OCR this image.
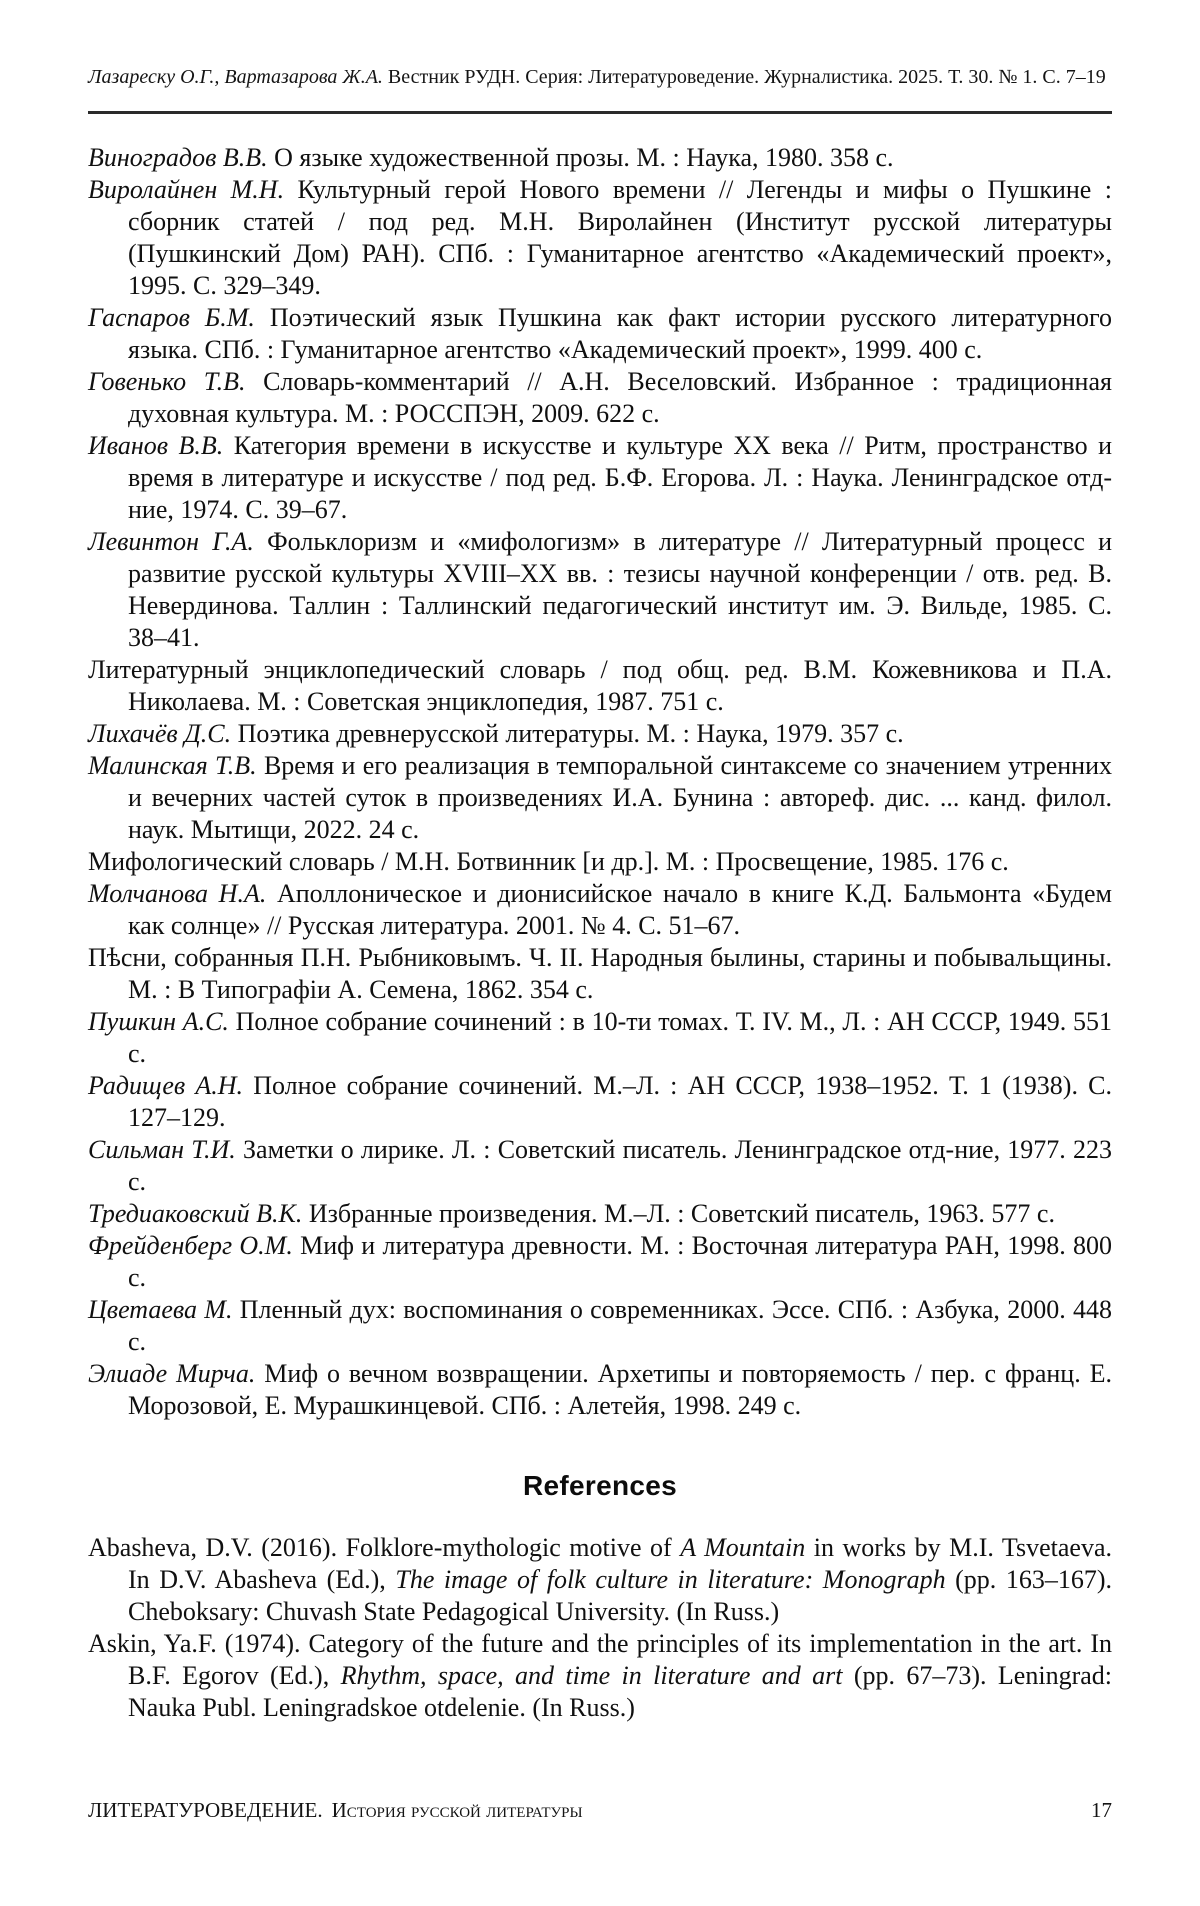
Лазареску О.Г., Вартазарова Ж.А. Вестник РУДН. Серия: Литературоведение. Журналистика. 2025. Т. 30. № 1. С. 7–19

Виноградов В.В. О языке художественной прозы. М. : Наука, 1980. 358 с.

Виролайнен М.Н. Культурный герой Нового времени // Легенды и мифы о Пушкине : сборник статей / под ред. М.Н. Виролайнен (Институт русской литературы (Пушкинский Дом) РАН). СПб. : Гуманитарное агентство «Академический проект», 1995. С. 329–349.

Гаспаров Б.М. Поэтический язык Пушкина как факт истории русского литературного языка. СПб. : Гуманитарное агентство «Академический проект», 1999. 400 с.

Говенько Т.В. Словарь-комментарий // А.Н. Веселовский. Избранное : традиционная духовная культура. М. : РОССПЭН, 2009. 622 с.

Иванов В.В. Категория времени в искусстве и культуре XX века // Ритм, пространство и время в литературе и искусстве / под ред. Б.Ф. Егорова. Л. : Наука. Ленинградское отд-ние, 1974. С. 39–67.

Левинтон Г.А. Фольклоризм и «мифологизм» в литературе // Литературный процесс и развитие русской культуры XVIII–XX вв. : тезисы научной конференции / отв. ред. В. Невердинова. Таллин : Таллинский педагогический институт им. Э. Вильде, 1985. С. 38–41.

Литературный энциклопедический словарь / под общ. ред. В.М. Кожевникова и П.А. Николаева. М. : Советская энциклопедия, 1987. 751 с.

Лихачёв Д.С. Поэтика древнерусской литературы. М. : Наука, 1979. 357 с.

Малинская Т.В. Время и его реализация в темпоральной синтаксеме со значением утренних и вечерних частей суток в произведениях И.А. Бунина : автореф. дис. ... канд. филол. наук. Мытищи, 2022. 24 с.

Мифологический словарь / М.Н. Ботвинник [и др.]. М. : Просвещение, 1985. 176 с.

Молчанова Н.А. Аполлоническое и дионисийское начало в книге К.Д. Бальмонта «Будем как солнце» // Русская литература. 2001. № 4. С. 51–67.

Пѣсни, собранныя П.Н. Рыбниковымъ. Ч. II. Народныя былины, старины и побывальщины. М. : В Типографіи А. Семена, 1862. 354 с.

Пушкин А.С. Полное собрание сочинений : в 10-ти томах. Т. IV. М., Л. : АН СССР, 1949. 551 с.

Радищев А.Н. Полное собрание сочинений. М.–Л. : АН СССР, 1938–1952. Т. 1 (1938). С. 127–129.

Сильман Т.И. Заметки о лирике. Л. : Советский писатель. Ленинградское отд-ние, 1977. 223 с.

Тредиаковский В.К. Избранные произведения. М.–Л. : Советский писатель, 1963. 577 с.

Фрейденберг О.М. Миф и литература древности. М. : Восточная литература РАН, 1998. 800 с.

Цветаева М. Пленный дух: воспоминания о современниках. Эссе. СПб. : Азбука, 2000. 448 с.

Элиаде Мирча. Миф о вечном возвращении. Архетипы и повторяемость / пер. с франц. Е. Морозовой, Е. Мурашкинцевой. СПб. : Алетейя, 1998. 249 с.

References

Abasheva, D.V. (2016). Folklore-mythologic motive of A Mountain in works by M.I. Tsvetaeva. In D.V. Abasheva (Ed.), The image of folk culture in literature: Monograph (pp. 163–167). Cheboksary: Chuvash State Pedagogical University. (In Russ.)

Askin, Ya.F. (1974). Category of the future and the principles of its implementation in the art. In B.F. Egorov (Ed.), Rhythm, space, and time in literature and art (pp. 67–73). Leningrad: Nauka Publ. Leningradskoe otdelenie. (In Russ.)

ЛИТЕРАТУРОВЕДЕНИЕ. История русской литературы	17
